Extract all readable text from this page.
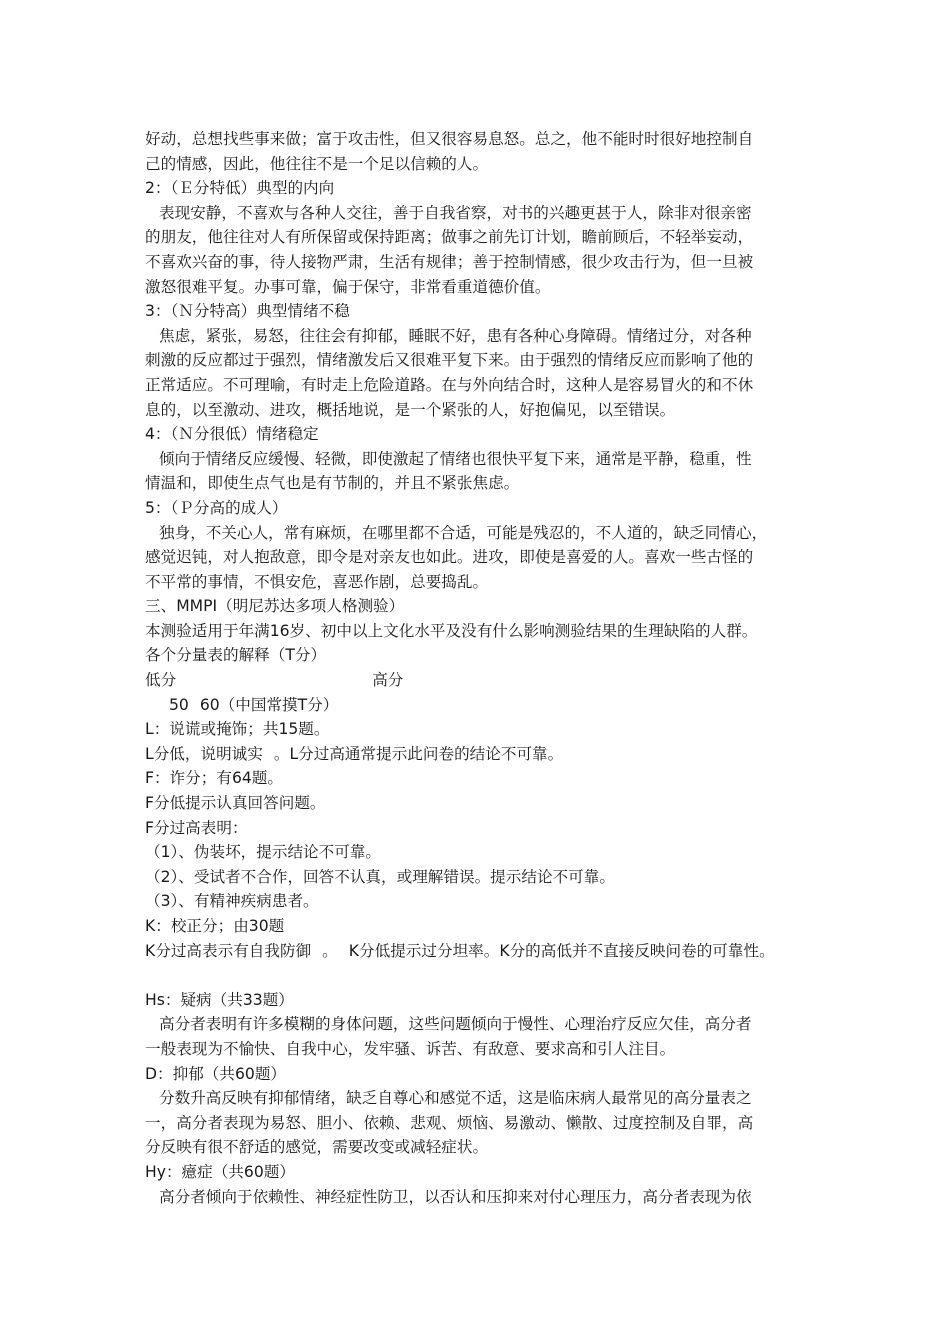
好动，总想找些事来做；富于攻击性，但又很容易息怒。总之，他不能时时很好地控制自
己的情感，因此，他往往不是一个足以信赖的人。
2：（Ｅ分特低）典型的内向
表现安静，不喜欢与各种人交往，善于自我省察，对书的兴趣更甚于人，除非对很亲密
的朋友，他往往对人有所保留或保持距离；做事之前先订计划，瞻前顾后，不轻举妄动，
不喜欢兴奋的事，待人接物严肃，生活有规律；善于控制情感，很少攻击行为，但一旦被
激怒很难平复。办事可靠，偏于保守，非常看重道德价值。
3：（Ｎ分特高）典型情绪不稳
焦虑，紧张，易怒，往往会有抑郁，睡眠不好，患有各种心身障碍。情绪过分，对各种
刺激的反应都过于强烈，情绪激发后又很难平复下来。由于强烈的情绪反应而影响了他的
正常适应。不可理喻，有时走上危险道路。在与外向结合时，这种人是容易冒火的和不休
息的，以至激动、进攻，概括地说，是一个紧张的人，好抱偏见，以至错误。
4：（Ｎ分很低）情绪稳定
倾向于情绪反应缓慢、轻微，即使激起了情绪也很快平复下来，通常是平静，稳重，性
情温和，即使生点气也是有节制的，并且不紧张焦虑。
5：（Ｐ分高的成人）
独身，不关心人，常有麻烦，在哪里都不合适，可能是残忍的，不人道的，缺乏同情心，
感觉迟钝，对人抱敌意，即令是对亲友也如此。进攻，即使是喜爱的人。喜欢一些古怪的
不平常的事情，不惧安危，喜恶作剧，总要捣乱。
三、MMPI（明尼苏达多项人格测验）
本测验适用于年满16岁、初中以上文化水平及没有什么影响测验结果的生理缺陷的人群。
各个分量表的解释（T分）
低分	高分
50 60（中国常摸T分）
L：说谎或掩饰；共15题。
L分低，说明诚实 。L分过高通常提示此问卷的结论不可靠。
F：诈分；有64题。
F分低提示认真回答问题。
F分过高表明：
（1）、伪装坏，提示结论不可靠。
（2）、受试者不合作，回答不认真，或理解错误。提示结论不可靠。
（3）、有精神疾病患者。
K：校正分；由30题
K分过高表示有自我防御 。 K分低提示过分坦率。K分的高低并不直接反映问卷的可靠性。
Hs：疑病（共33题）
高分者表明有许多模糊的身体问题，这些问题倾向于慢性、心理治疗反应欠佳，高分者
一般表现为不愉快、自我中心，发牢骚、诉苦、有敌意、要求高和引人注目。
D：抑郁（共60题）
分数升高反映有抑郁情绪，缺乏自尊心和感觉不适，这是临床病人最常见的高分量表之
一，高分者表现为易怒、胆小、依赖、悲观、烦恼、易激动、懒散、过度控制及自罪，高
分反映有很不舒适的感觉，需要改变或减轻症状。
Hy：癔症（共60题）
高分者倾向于依赖性、神经症性防卫，以否认和压抑来对付心理压力，高分者表现为依
